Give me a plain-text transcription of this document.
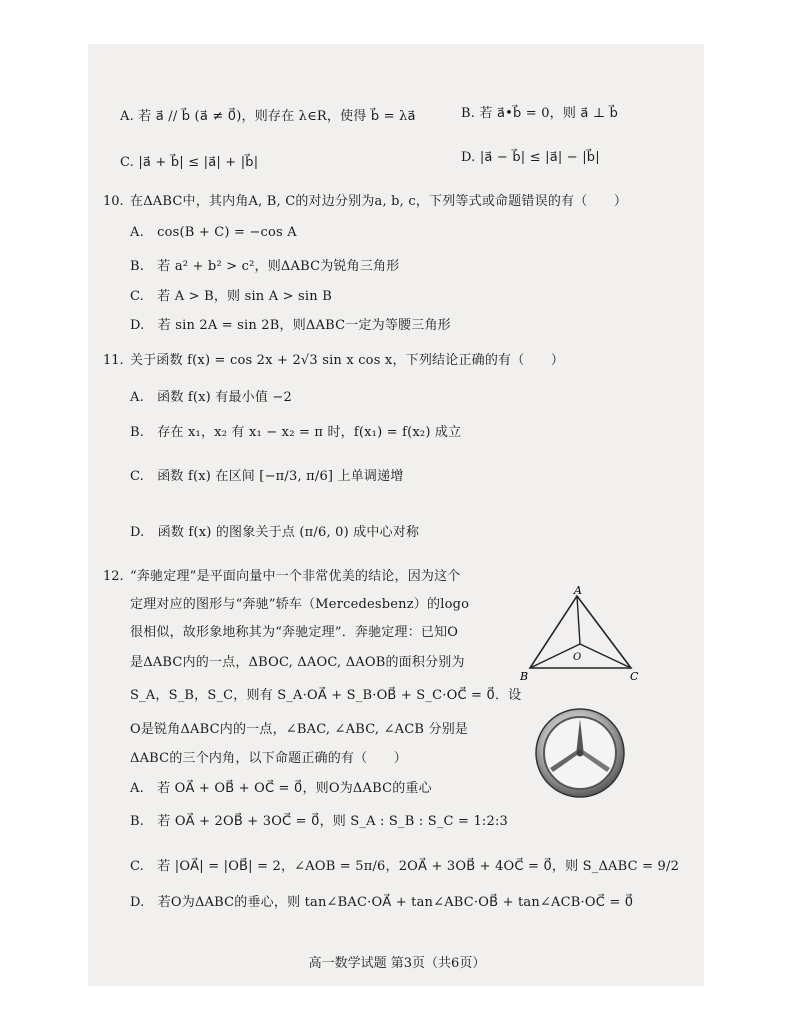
A. 若 a⃗ // b⃗ (a⃗ ≠ 0⃗)，则存在 λ∈R，使得 b⃗ = λa⃗	B. 若 a⃗•b⃗ = 0，则 a⃗ ⊥ b⃗
C. |a⃗ + b⃗| ≤ |a⃗| + |b⃗|	D. |a⃗ − b⃗| ≤ |a⃗| − |b⃗|
10. 在ΔABC中，其内角A, B, C的对边分别为a, b, c，下列等式或命题错误的有（　　）
A.　cos(B + C) = −cos A
B.　若 a² + b² > c²，则ΔABC为锐角三角形
C.　若 A > B，则 sin A > sin B
D.　若 sin 2A = sin 2B，则ΔABC一定为等腰三角形
11. 关于函数 f(x) = cos 2x + 2√3 sin x cos x，下列结论正确的有（　　）
A.　函数 f(x) 有最小值 −2
B.　存在 x₁，x₂ 有 x₁ − x₂ = π 时，f(x₁) = f(x₂) 成立
C.　函数 f(x) 在区间 [−π/3, π/6] 上单调递增
D.　函数 f(x) 的图象关于点 (π/6, 0) 成中心对称
12. “奔驰定理”是平面向量中一个非常优美的结论，因为这个
定理对应的图形与“奔驰”轿车（Mercedesbenz）的logo
很相似，故形象地称其为“奔驰定理”．奔驰定理：已知O
是ΔABC内的一点，ΔBOC, ΔAOC, ΔAOB的面积分别为
S_A，S_B，S_C，则有 S_A·OA⃗ + S_B·OB⃗ + S_C·OC⃗ = 0⃗．设
O是锐角ΔABC内的一点，∠BAC, ∠ABC, ∠ACB 分别是
ΔABC的三个内角，以下命题正确的有（　　）
A.　若 OA⃗ + OB⃗ + OC⃗ = 0⃗，则O为ΔABC的重心
B.　若 OA⃗ + 2OB⃗ + 3OC⃗ = 0⃗，则 S_A : S_B : S_C = 1:2:3
C.　若 |OA⃗| = |OB⃗| = 2，∠AOB = 5π/6，2OA⃗ + 3OB⃗ + 4OC⃗ = 0⃗，则 S_ΔABC = 9/2
D.　若O为ΔABC的垂心，则 tan∠BAC·OA⃗ + tan∠ABC·OB⃗ + tan∠ACB·OC⃗ = 0⃗
A
B	C
O
高一数学试题 第3页（共6页）
